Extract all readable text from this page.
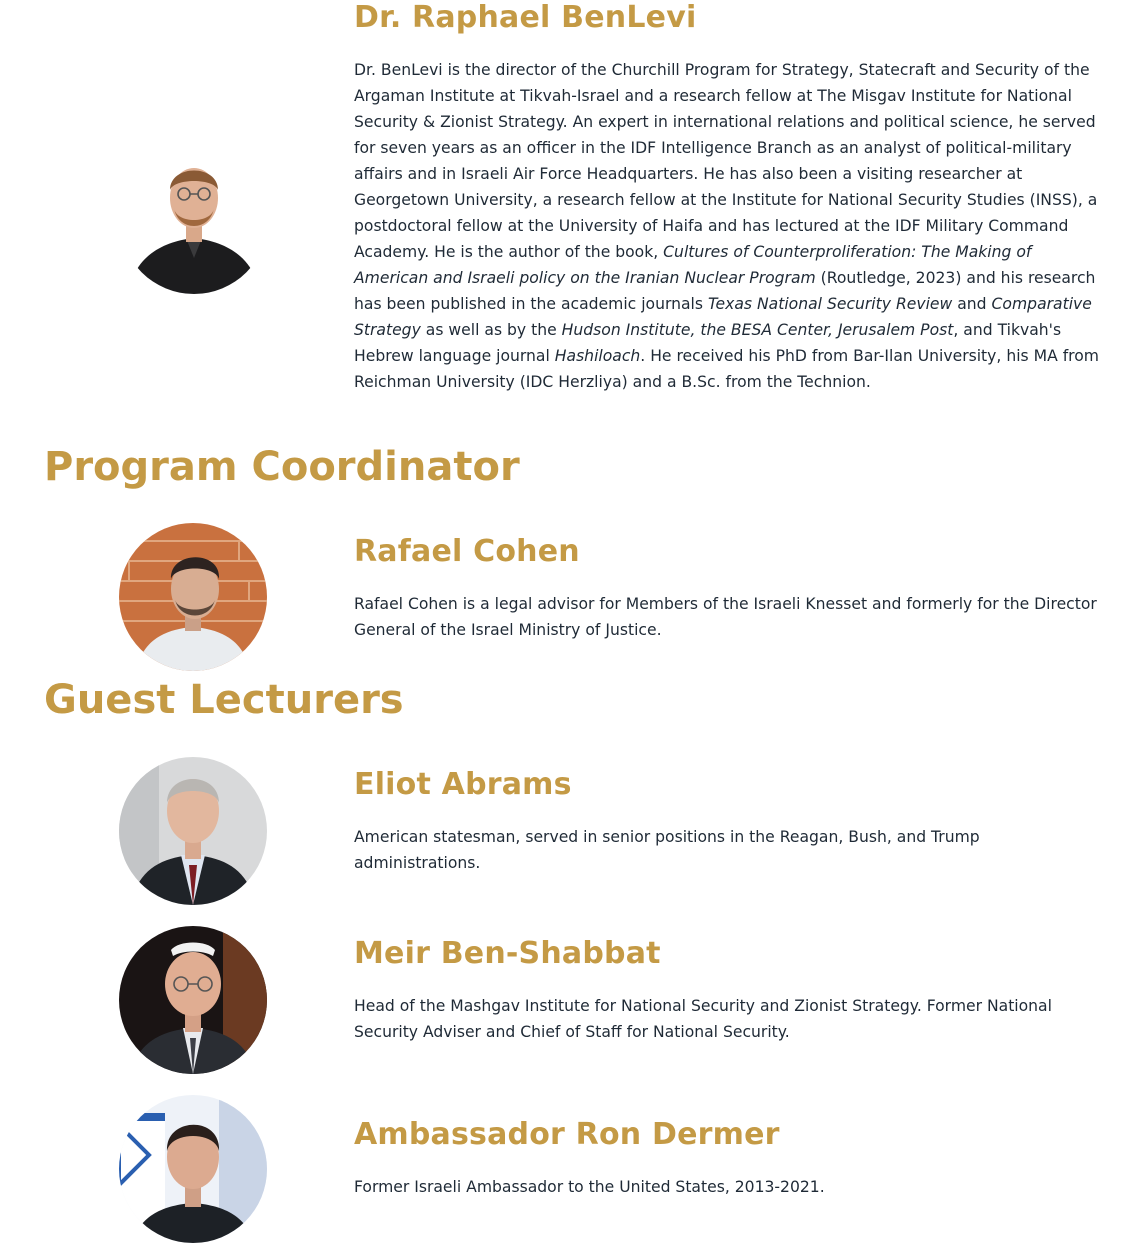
Dr. Raphael BenLevi

Dr. BenLevi is the director of the Churchill Program for Strategy, Statecraft and Security of the Argaman Institute at Tikvah-Israel and a research fellow at The Misgav Institute for National Security & Zionist Strategy. An expert in international relations and political science, he served for seven years as an officer in the IDF Intelligence Branch as an analyst of political-military affairs and in Israeli Air Force Headquarters. He has also been a visiting researcher at Georgetown University, a research fellow at the Institute for National Security Studies (INSS), a postdoctoral fellow at the University of Haifa and has lectured at the IDF Military Command Academy. He is the author of the book, Cultures of Counterproliferation: The Making of American and Israeli policy on the Iranian Nuclear Program (Routledge, 2023) and his research has been published in the academic journals Texas National Security Review and Comparative Strategy as well as by the Hudson Institute, the BESA Center, Jerusalem Post, and Tikvah's Hebrew language journal Hashiloach. He received his PhD from Bar-Ilan University, his MA from Reichman University (IDC Herzliya) and a B.Sc. from the Technion.

Program Coordinator
Rafael Cohen

Rafael Cohen is a legal advisor for Members of the Israeli Knesset and formerly for the Director General of the Israel Ministry of Justice.

Guest Lecturers
Eliot Abrams

American statesman, served in senior positions in the Reagan, Bush, and Trump administrations.

Meir Ben-Shabbat

Head of the Mashgav Institute for National Security and Zionist Strategy. Former National Security Adviser and Chief of Staff for National Security.

Ambassador Ron Dermer

Former Israeli Ambassador to the United States, 2013-2021.
